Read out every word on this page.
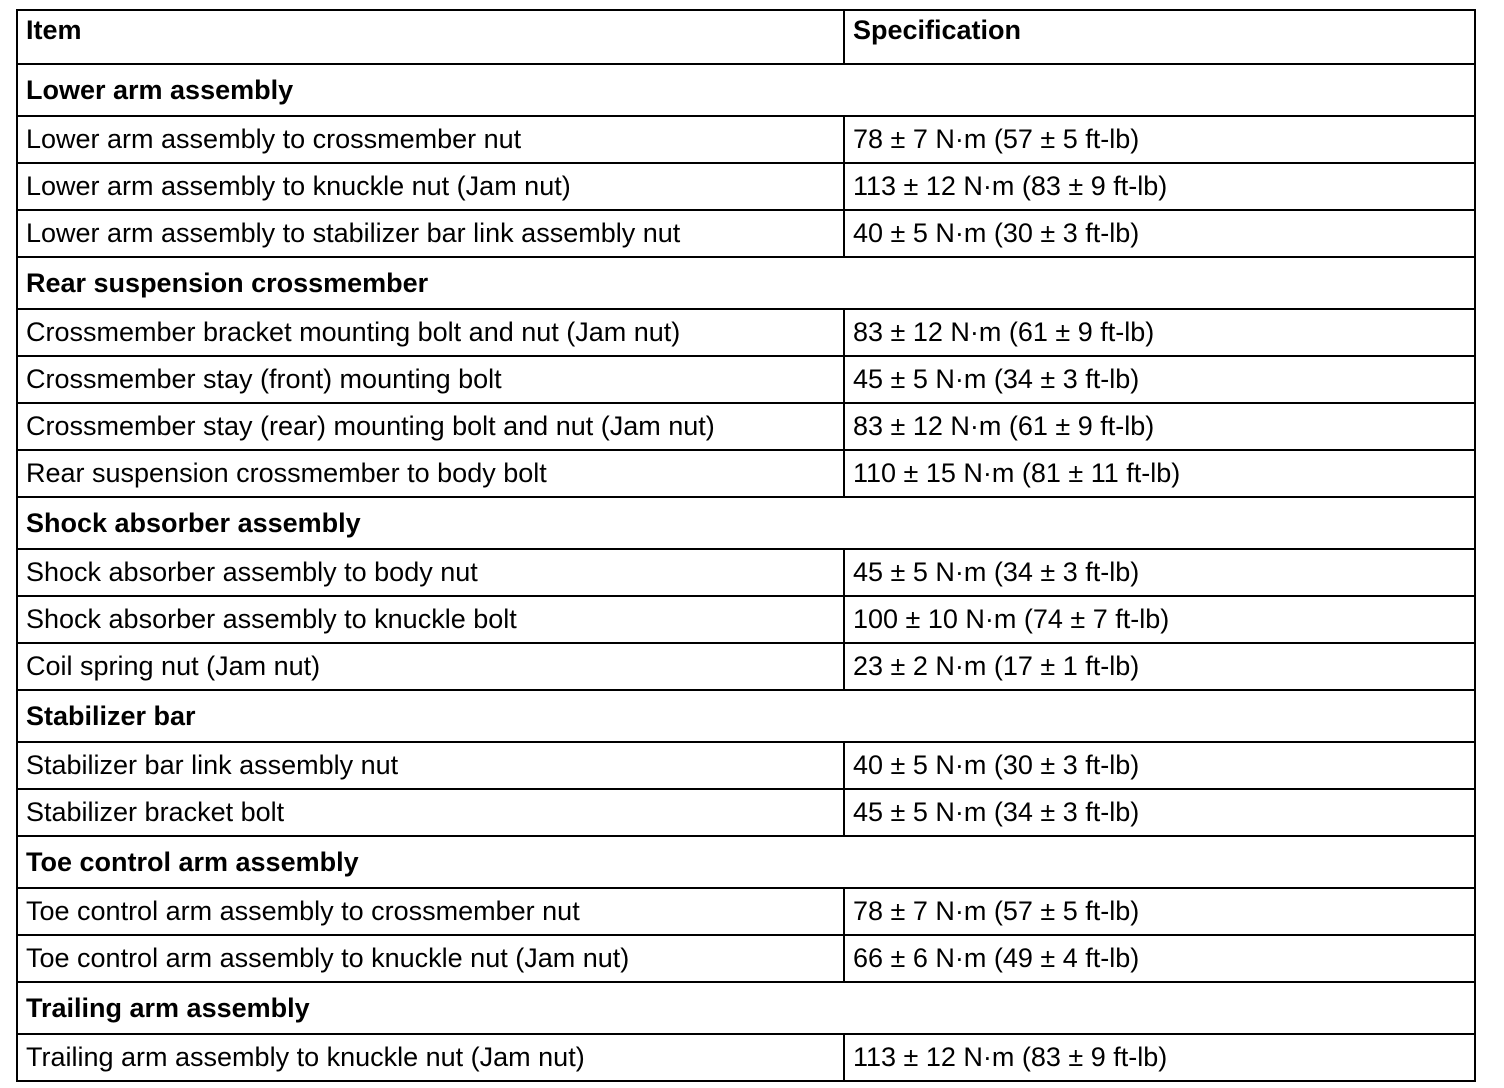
Item	Specification
Lower arm assembly	
Lower arm assembly to crossmember nut	78 ± 7 N·m (57 ± 5 ft-lb)
Lower arm assembly to knuckle nut (Jam nut)	113 ± 12 N·m (83 ± 9 ft-lb)
Lower arm assembly to stabilizer bar link assembly nut	40 ± 5 N·m (30 ± 3 ft-lb)
Rear suspension crossmember	
Crossmember bracket mounting bolt and nut (Jam nut)	83 ± 12 N·m (61 ± 9 ft-lb)
Crossmember stay (front) mounting bolt	45 ± 5 N·m (34 ± 3 ft-lb)
Crossmember stay (rear) mounting bolt and nut (Jam nut)	83 ± 12 N·m (61 ± 9 ft-lb)
Rear suspension crossmember to body bolt	110 ± 15 N·m (81 ± 11 ft-lb)
Shock absorber assembly	
Shock absorber assembly to body nut	45 ± 5 N·m (34 ± 3 ft-lb)
Shock absorber assembly to knuckle bolt	100 ± 10 N·m (74 ± 7 ft-lb)
Coil spring nut (Jam nut)	23 ± 2 N·m (17 ± 1 ft-lb)
Stabilizer bar	
Stabilizer bar link assembly nut	40 ± 5 N·m (30 ± 3 ft-lb)
Stabilizer bracket bolt	45 ± 5 N·m (34 ± 3 ft-lb)
Toe control arm assembly	
Toe control arm assembly to crossmember nut	78 ± 7 N·m (57 ± 5 ft-lb)
Toe control arm assembly to knuckle nut (Jam nut)	66 ± 6 N·m (49 ± 4 ft-lb)
Trailing arm assembly	
Trailing arm assembly to knuckle nut (Jam nut)	113 ± 12 N·m (83 ± 9 ft-lb)
